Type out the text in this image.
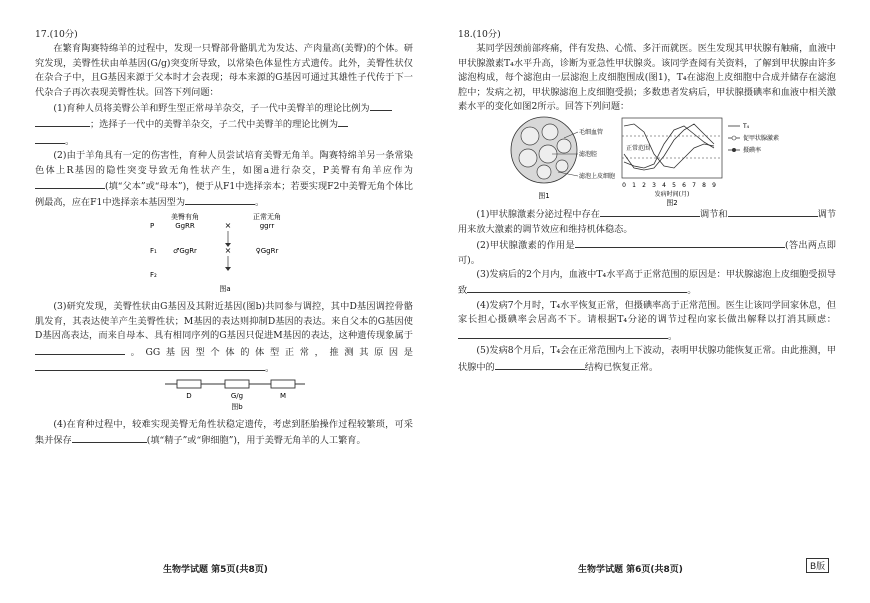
17.(10分)

在繁育陶赛特绵羊的过程中，发现一只臀部骨骼肌尤为发达、产肉量高(美臀)的个体。研究发现，美臀性状由单基因(G/g)突变所导致，以常染色体显性方式遗传。此外，美臀性状仅在杂合子中，且G基因来源于父本时才会表现；母本来源的G基因可通过其雄性子代传于下一代杂合子再次表现美臀性状。回答下列问题：

(1)育种人员将美臀公羊和野生型正常母羊杂交，子一代中美臀羊的理论比例为

；选择子一代中的美臀羊杂交，子二代中美臀羊的理论比例为

。

(2)由于羊角具有一定的伤害性，育种人员尝试培育美臀无角羊。陶赛特绵羊另一条常染色体上R基因的隐性突变导致无角性状产生，如图a进行杂交，P美臀有角羊应作为(填“父本”或“母本”)，便于从F1中选择亲本；若要实现F2中美臀无角个体比例最高，应在F1中选择亲本基因型为	。

美臀有角
GgRR
正常无角
ggrr
P	×
F₁ ♂GgRr	×	♀GgRr
F₂
图a

(3)研究发现，美臀性状由G基因及其附近基因(图b)共同参与调控，其中D基因调控骨骼肌发育，其表达使羊产生美臀性状；M基因的表达则抑制D基因的表达。来自父本的G基因使D基因高表达，而来自母本、具有相同序列的G基因只促进M基因的表达，这种遗传现象属于。GG基因型个体的体型正常，推测其原因是。

D	G/g	M
图b

(4)在育种过程中，较难实现美臀无角性状稳定遗传，考虑到胚胎操作过程较繁琐，可采集并保存	(填“精子”或“卵细胞”)，用于美臀无角羊的人工繁育。

18.(10分)

某同学因颈前部疼痛，伴有发热、心慌、多汗而就医。医生发现其甲状腺有触痛，血液中甲状腺激素T₄水平升高，诊断为亚急性甲状腺炎。该同学查阅有关资料，了解到甲状腺由许多滤泡构成，每个滤泡由一层滤泡上皮细胞围成(图1)，T₄在滤泡上皮细胞中合成并储存在滤泡腔中；发病之初，甲状腺滤泡上皮细胞受损；多数患者发病后，甲状腺摄碘率和血液中相关激素水平的变化如图2所示。回答下列问题：

毛细血管
滤泡腔
滤泡上皮细胞
图1
正常范围
0 1 2 3 4 5 6 7 8 9
发病时间(月)
图2
T₄
促甲状腺激素
摄碘率

(1)甲状腺激素分泌过程中存在	调节和	调节用来放大激素的调节效应和维持机体稳态。

(2)甲状腺激素的作用是	(答出两点即可)。

(3)发病后的2个月内，血液中T₄水平高于正常范围的原因是：甲状腺滤泡上皮细胞受损导致	。

(4)发病7个月时，T₄水平恢复正常，但摄碘率高于正常范围。医生让该同学回家休息，但家长担心摄碘率会居高不下。请根据T₄分泌的调节过程向家长做出解释以打消其顾虑：。

(5)发病8个月后，T₄会在正常范围内上下波动，表明甲状腺功能恢复正常。由此推测，甲状腺中的	结构已恢复正常。

生物学试题 第5页(共8页)	生物学试题 第6页(共8页)	B版
